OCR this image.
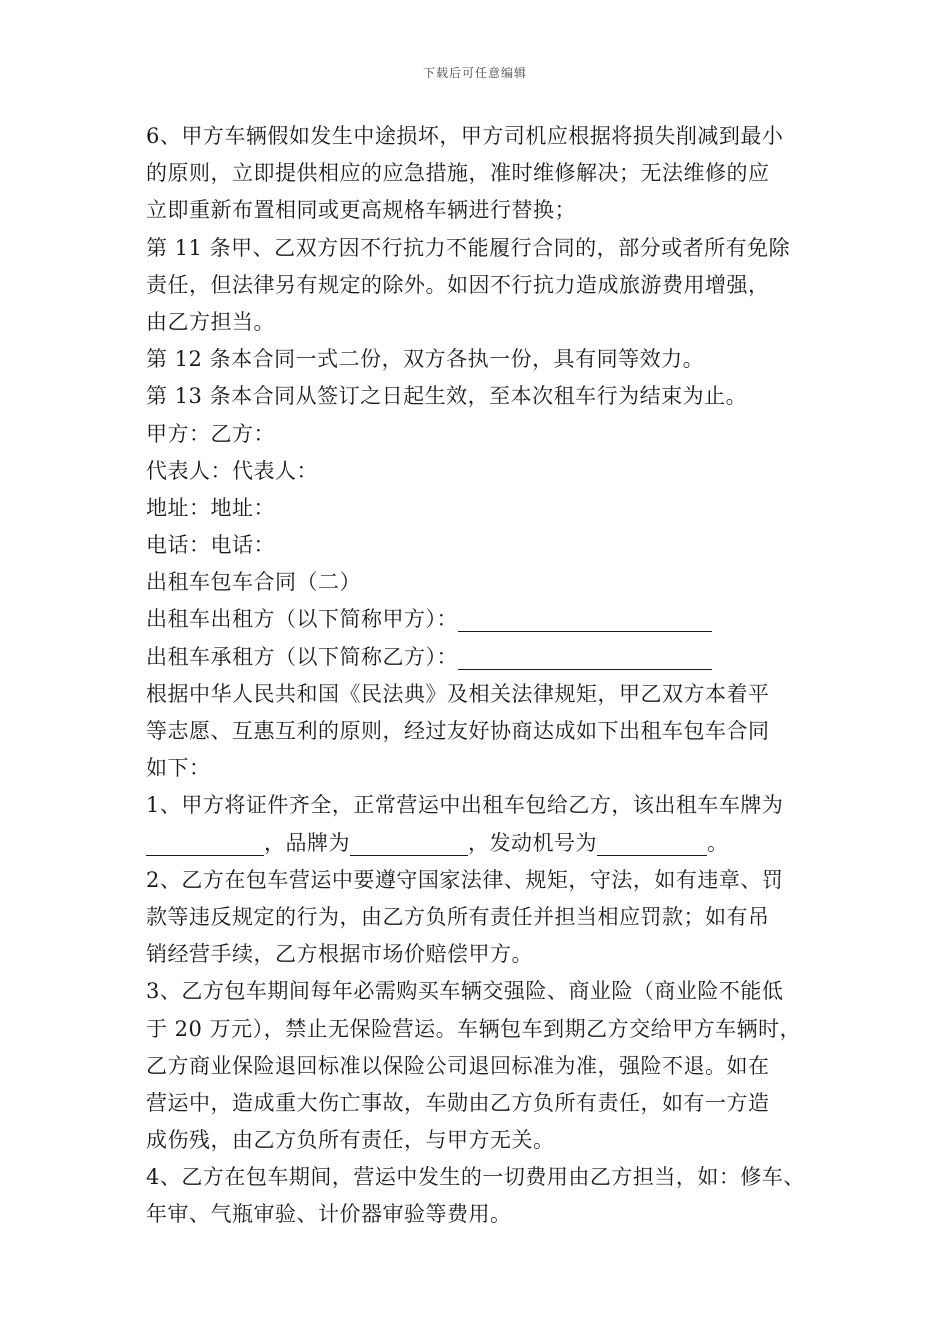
下载后可任意编辑
6、甲方车辆假如发生中途损坏，甲方司机应根据将损失削减到最小
的原则，立即提供相应的应急措施，准时维修解决；无法维修的应
立即重新布置相同或更高规格车辆进行替换；
第 11 条甲、乙双方因不行抗力不能履行合同的，部分或者所有免除
责任，但法律另有规定的除外。如因不行抗力造成旅游费用增强，
由乙方担当。
第 12 条本合同一式二份，双方各执一份，具有同等效力。
第 13 条本合同从签订之日起生效，至本次租车行为结束为止。
甲方：乙方：
代表人：代表人：
地址：地址：
电话：电话：
出租车包车合同（二）
出租车出租方（以下简称甲方）：
出租车承租方（以下简称乙方）：
根据中华人民共和国《民法典》及相关法律规矩，甲乙双方本着平
等志愿、互惠互利的原则，经过友好协商达成如下出租车包车合同
如下：
1、甲方将证件齐全，正常营运中出租车包给乙方，该出租车车牌为
，品牌为	，发动机号为	。
2、乙方在包车营运中要遵守国家法律、规矩，守法，如有违章、罚
款等违反规定的行为，由乙方负所有责任并担当相应罚款；如有吊
销经营手续，乙方根据市场价赔偿甲方。
3、乙方包车期间每年必需购买车辆交强险、商业险（商业险不能低
于 20 万元），禁止无保险营运。车辆包车到期乙方交给甲方车辆时，
乙方商业保险退回标准以保险公司退回标准为准，强险不退。如在
营运中，造成重大伤亡事故，车勋由乙方负所有责任，如有一方造
成伤残，由乙方负所有责任，与甲方无关。
4、乙方在包车期间，营运中发生的一切费用由乙方担当，如：修车、
年审、气瓶审验、计价器审验等费用。
